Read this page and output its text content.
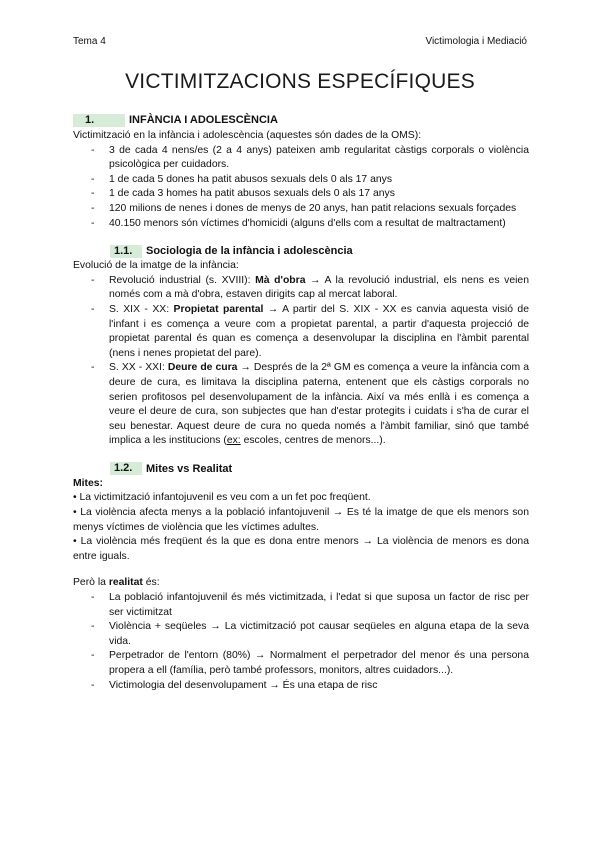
Tema 4	Victimologia i Mediació
VICTIMITZACIONS ESPECÍFIQUES
1.	INFÀNCIA I ADOLESCÈNCIA

Victimització en la infància i adolescència (aquestes són dades de la OMS):

- 3 de cada 4 nens/es (2 a 4 anys) pateixen amb regularitat càstigs corporals o violència psicològica per cuidadors.
- 1 de cada 5 dones ha patit abusos sexuals dels 0 als 17 anys
- 1 de cada 3 homes ha patit abusos sexuals dels 0 als 17 anys
- 120 milions de nenes i dones de menys de 20 anys, han patit relacions sexuals forçades
- 40.150 menors són víctimes d'homicidi (alguns d'ells com a resultat de maltractament)
1.1.	Sociologia de la infància i adolescència

Evolució de la imatge de la infància:

- Revolució industrial (s. XVIII): Mà d'obra → A la revolució industrial, els nens es veien només com a mà d'obra, estaven dirigits cap al mercat laboral.
- S. XIX - XX: Propietat parental → A partir del S. XIX - XX es canvia aquesta visió de l'infant i es comença a veure com a propietat parental, a partir d'aquesta projecció de propietat parental és quan es comença a desenvolupar la disciplina en l'àmbit parental (nens i nenes propietat del pare).
- S. XX - XXI: Deure de cura → Després de la 2ª GM es comença a veure la infància com a deure de cura, es limitava la disciplina paterna, entenent que els càstigs corporals no serien profitosos pel desenvolupament de la infància. Així va més enllà i es comença a veure el deure de cura, son subjectes que han d'estar protegits i cuidats i s'ha de curar el seu benestar. Aquest deure de cura no queda només a l'àmbit familiar, sinó que també implica a les institucions (ex: escoles, centres de menors...).
1.2.	Mites vs Realitat

Mites:

• La victimització infantojuvenil es veu com a un fet poc freqüent.

• La violència afecta menys a la població infantojuvenil → Es té la imatge de que els menors son menys víctimes de violència que les víctimes adultes.

• La violència més freqüent és la que es dona entre menors → La violència de menors es dona entre iguals.

Però la realitat és:

- La població infantojuvenil és més victimitzada, i l'edat si que suposa un factor de risc per ser victimitzat
- Violència + seqüeles → La victimització pot causar seqüeles en alguna etapa de la seva vida.
- Perpetrador de l'entorn (80%) → Normalment el perpetrador del menor és una persona propera a ell (família, però també professors, monitors, altres cuidadors...).
- Victimologia del desenvolupament → És una etapa de risc
